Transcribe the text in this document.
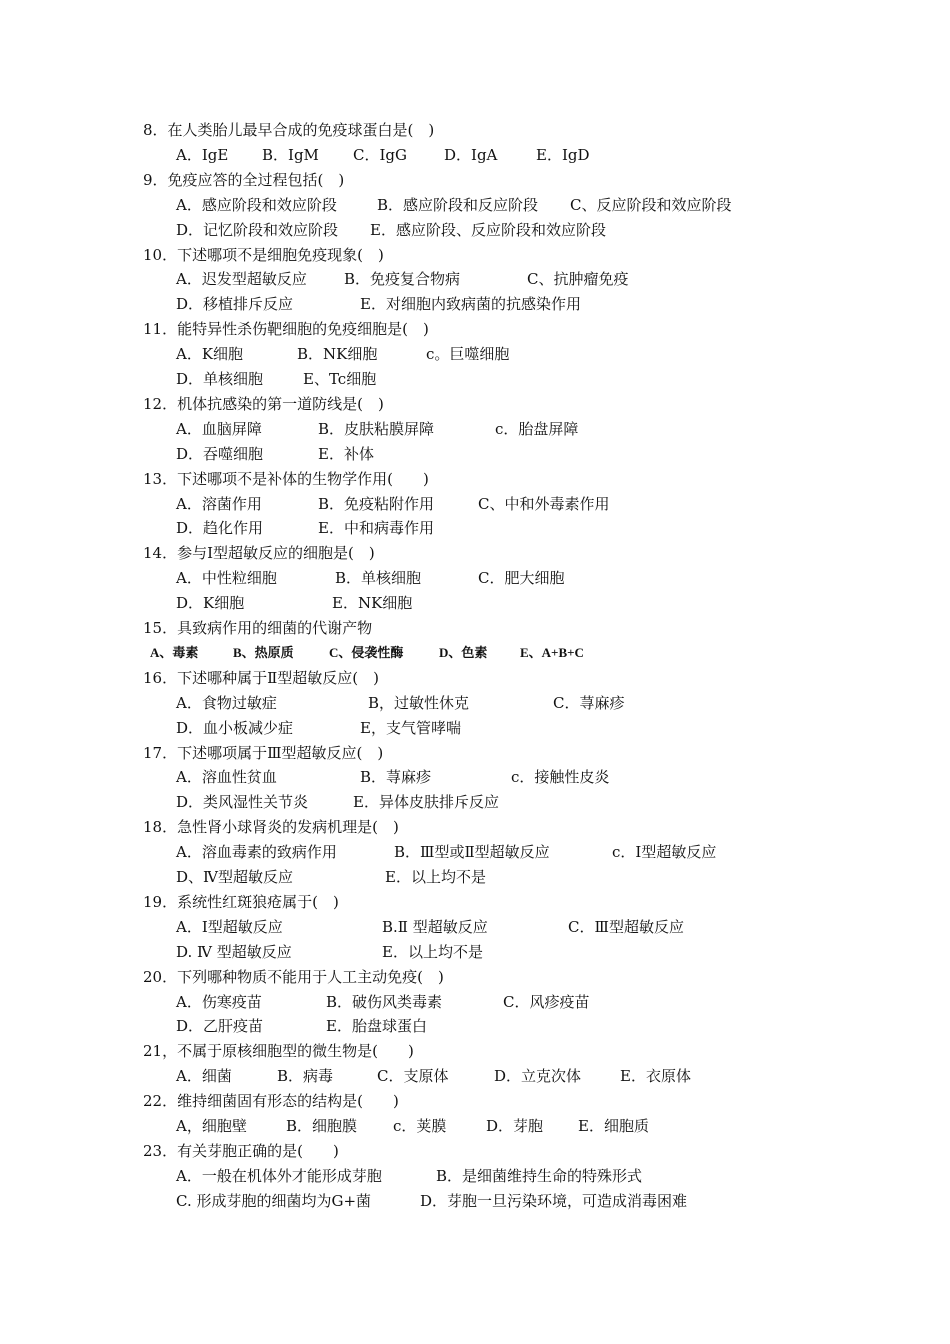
8．在人类胎儿最早合成的免疫球蛋白是(　)
A．IgE B．IgM C．IgG D．IgA	E．IgD
9．免疫应答的全过程包括(　)
A．感应阶段和效应阶段	B．感应阶段和反应阶段 C、反应阶段和效应阶段
D．记忆阶段和效应阶段 E．感应阶段、反应阶段和效应阶段
10．下述哪项不是细胞免疫现象(　)
A．迟发型超敏反应 B．免疫复合物病	C、抗肿瘤免疫
D．移植排斥反应	E．对细胞内致病菌的抗感染作用
11．能特异性杀伤靶细胞的免疫细胞是(　)
A．K细胞	B．NK细胞	c。巨噬细胞
D．单核细胞	E、Tc细胞
12．机体抗感染的第一道防线是(　)
A．血脑屏障	B．皮肤粘膜屏障	c．胎盘屏障
D．吞噬细胞	E．补体
13．下述哪项不是补体的生物学作用(　　)
A．溶菌作用	B．免疫粘附作用	C、中和外毒素作用
D．趋化作用	E．中和病毒作用
14．参与Ⅰ型超敏反应的细胞是(　)
A．中性粒细胞	B．单核细胞	C．肥大细胞
D．K细胞	E．NK细胞
15．具致病作用的细菌的代谢产物
A、毒素	B、热原质	C、侵袭性酶	D、色素	E、A+B+C
16．下述哪种属于Ⅱ型超敏反应(　)
A．食物过敏症	B，过敏性休克	C．荨麻疹
D．血小板减少症	E，支气管哮喘
17．下述哪项属于Ⅲ型超敏反应(　)
A．溶血性贫血	B．荨麻疹	c．接触性皮炎
D．类风湿性关节炎	E．异体皮肤排斥反应
18．急性肾小球肾炎的发病机理是(　)
A．溶血毒素的致病作用	B．Ⅲ型或Ⅱ型超敏反应	c．Ⅰ型超敏反应
D、Ⅳ型超敏反应	E．以上均不是
19．系统性红斑狼疮属于(　)
A．Ⅰ型超敏反应	B.Ⅱ 型超敏反应	C．Ⅲ型超敏反应
D. Ⅳ 型超敏反应	E．以上均不是
20．下列哪种物质不能用于人工主动免疫(　)
A．伤寒疫苗	B．破伤风类毒素	C．风疹疫苗
D．乙肝疫苗	E．胎盘球蛋白
21，不属于原核细胞型的微生物是(　　)
A．细菌	B．病毒	C．支原体	D．立克次体	E．衣原体
22．维持细菌固有形态的结构是(　　)
A，细胞壁	B．细胞膜 c．荚膜	D．芽胞 E．细胞质
23．有关芽胞正确的是(　　)
A．一般在机体外才能形成芽胞	B．是细菌维持生命的特殊形式
C. 形成芽胞的细菌均为G+菌	D．芽胞一旦污染环境，可造成消毒困难
